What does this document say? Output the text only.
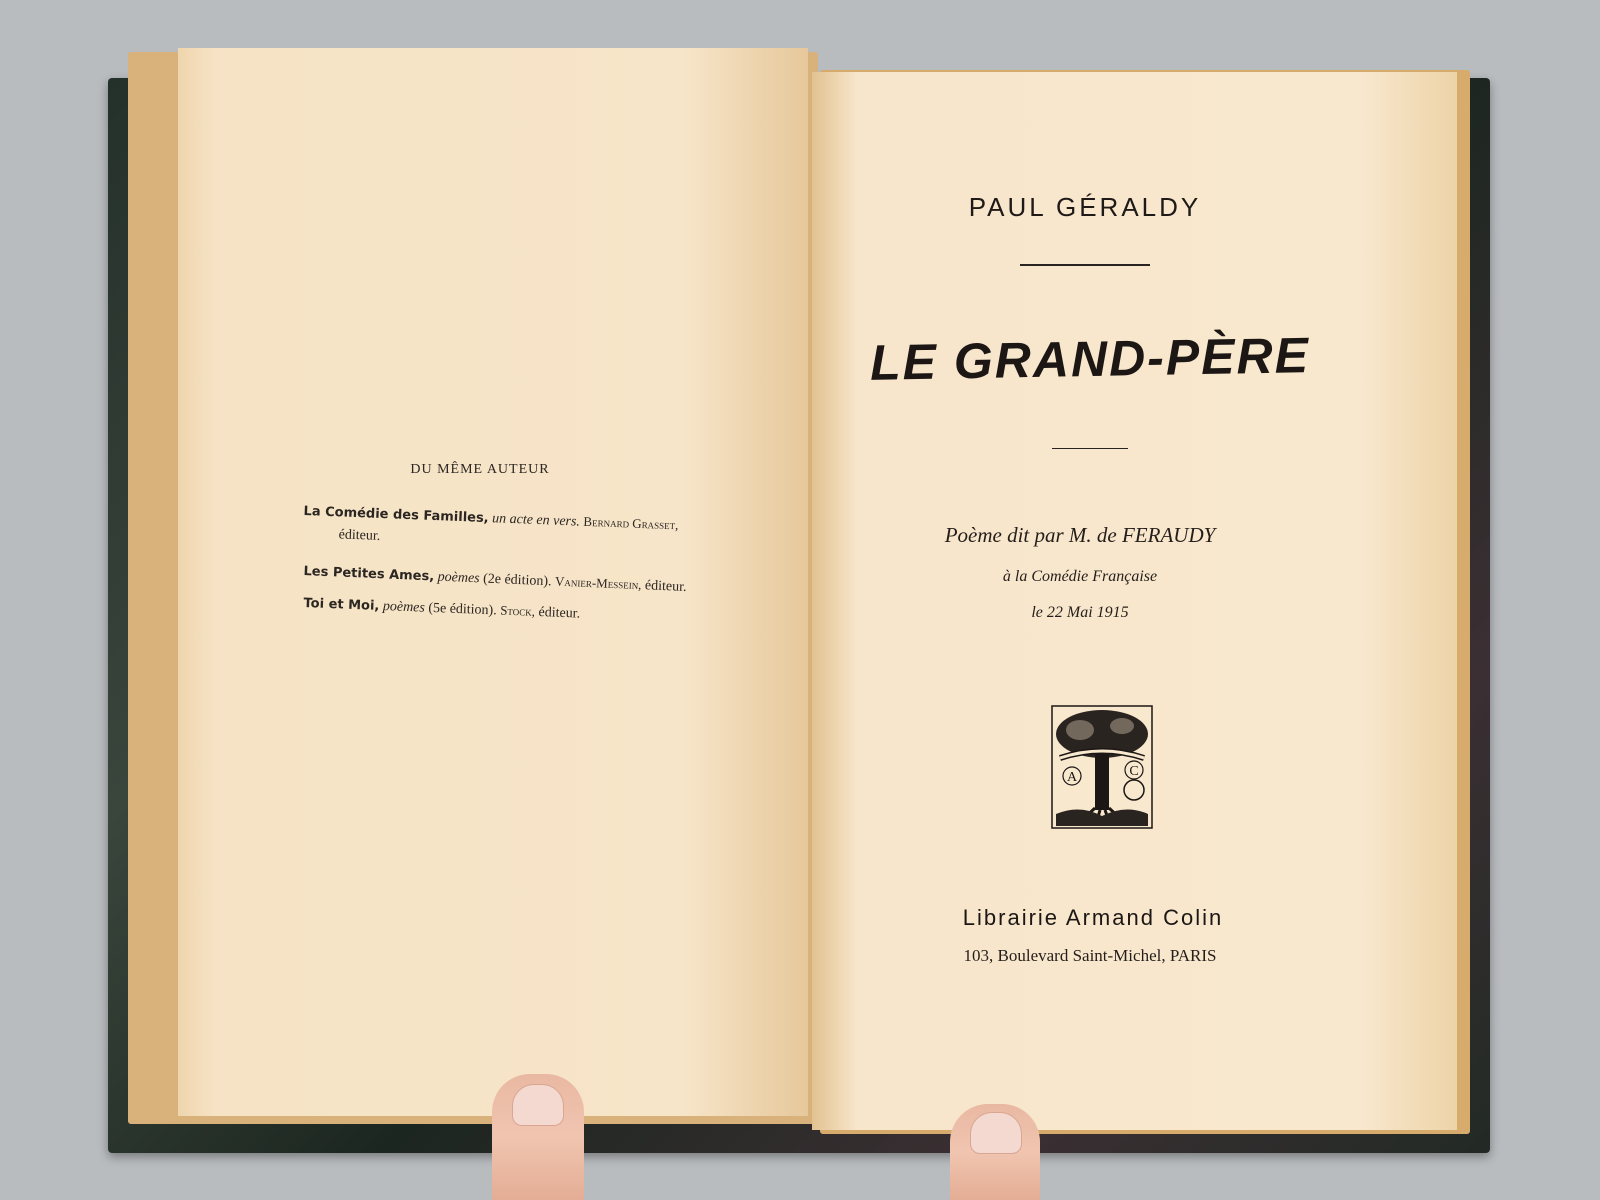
DU MÊME AUTEUR
La Comédie des Familles, un acte en vers. Bernard Grasset,
éditeur.
Les Petites Ames, poèmes (2e édition). Vanier-Messein, éditeur.
Toi et Moi, poèmes (5e édition). Stock, éditeur.
PAUL GÉRALDY
LE GRAND-PÈRE
Poème dit par M. de FERAUDY
à la Comédie Française
le 22 Mai 1915
A	C
Librairie Armand Colin
103, Boulevard Saint-Michel, PARIS
